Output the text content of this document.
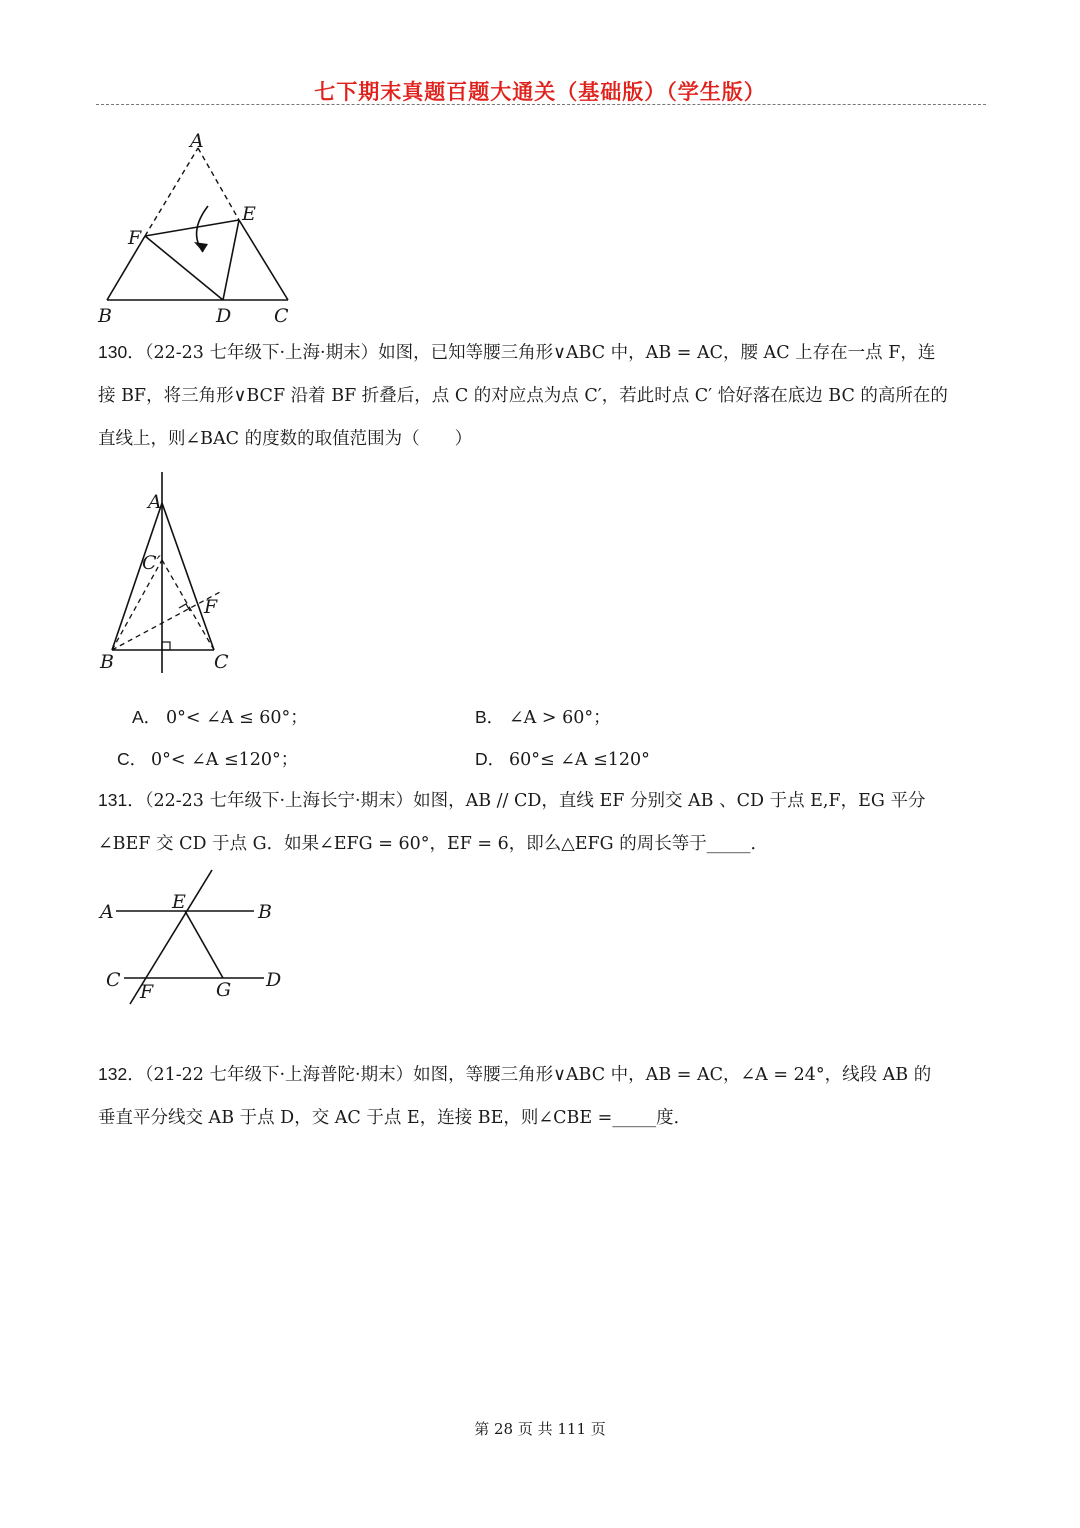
七下期末真题百题大通关（基础版）（学生版）
A
E
F
B	D C
130．（22-23 七年级下·上海·期末）如图，已知等腰三角形∨ABC 中，AB = AC，腰 AC 上存在一点 F，连
接 BF，将三角形∨BCF 沿着 BF 折叠后，点 C 的对应点为点 C′，若此时点 C′ 恰好落在底边 BC 的高所在的
直线上，则∠BAC 的度数的取值范围为（　　）
A
C′
F
B	C
A． 0°< ∠A ≤ 60°；	B． ∠A > 60°；
C． 0°< ∠A ≤120°；	D． 60°≤ ∠A ≤120°
131．（22-23 七年级下·上海长宁·期末）如图，AB // CD，直线 EF 分别交 AB 、CD 于点 E,F，EG 平分
∠BEF 交 CD 于点 G．如果∠EFG = 60°，EF = 6，即么△EFG 的周长等于_____．
A	E	B
C
F	G D
132．（21-22 七年级下·上海普陀·期末）如图，等腰三角形∨ABC 中，AB = AC，∠A = 24°，线段 AB 的
垂直平分线交 AB 于点 D，交 AC 于点 E，连接 BE，则∠CBE =_____度．
第 28 页 共 111 页
